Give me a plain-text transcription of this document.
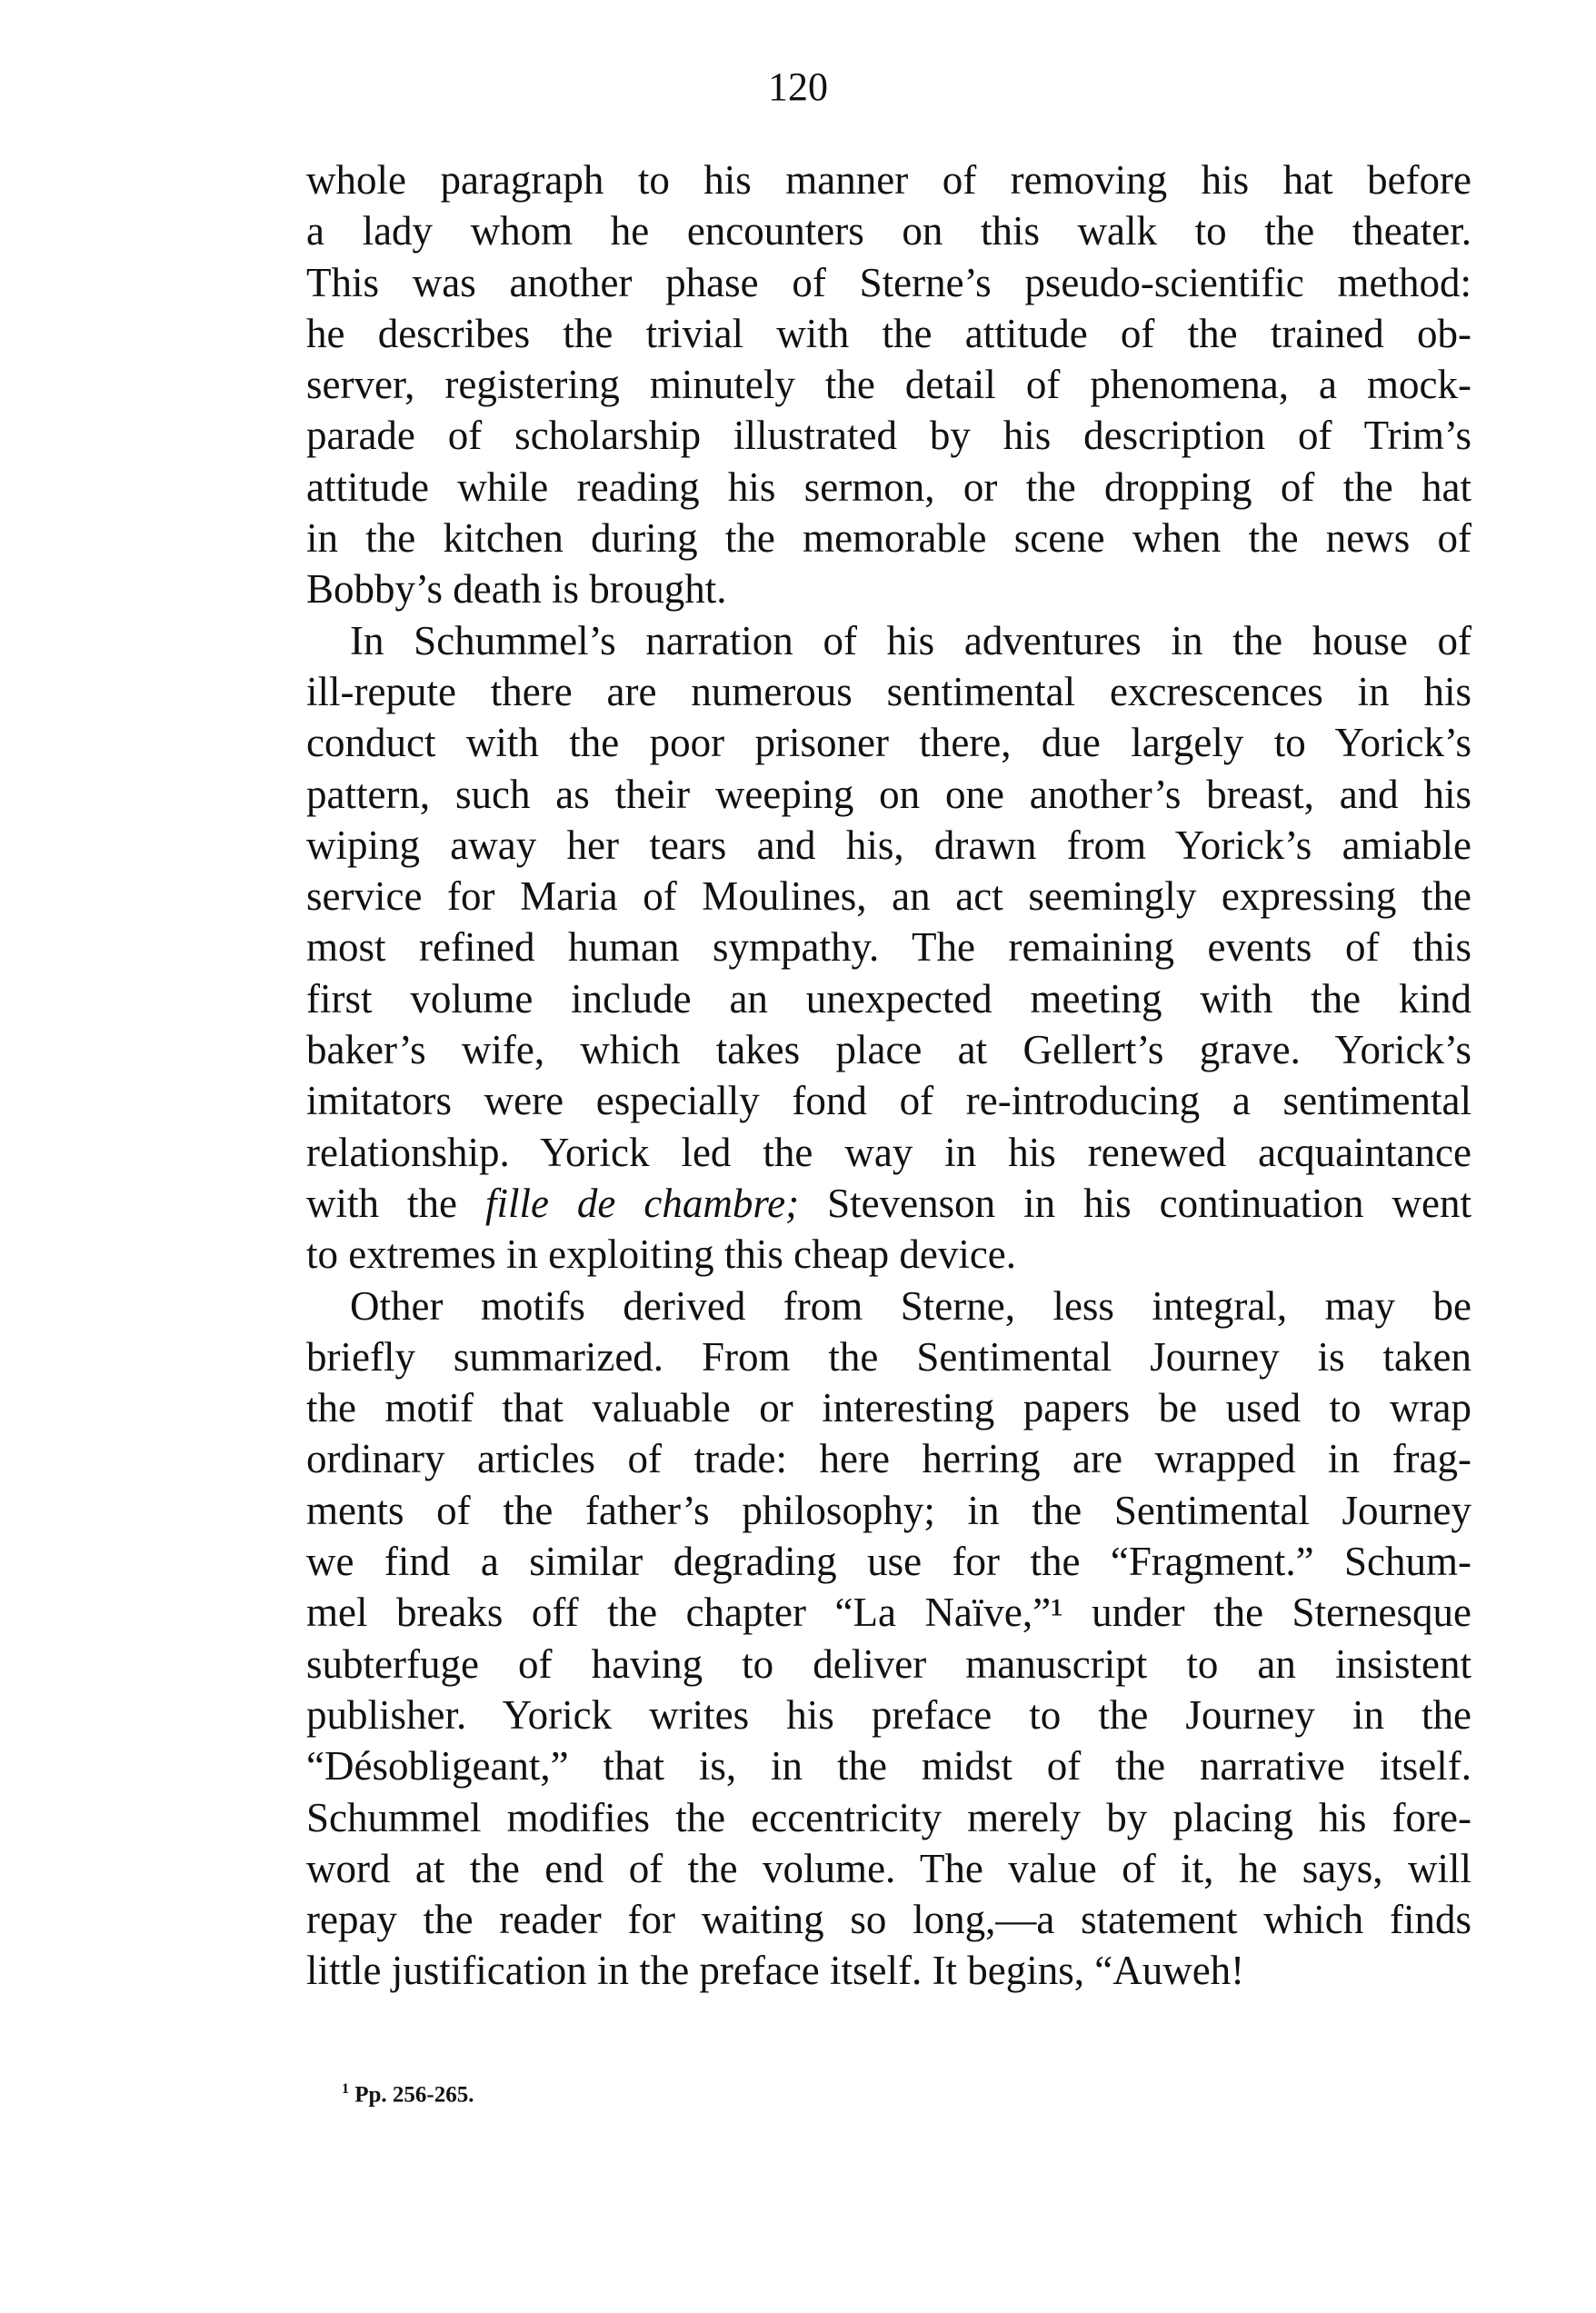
120
whole paragraph to his manner of removing his hat before
a lady whom he encounters on this walk to the theater.
This was another phase of Sterne’s pseudo-scientific method:
he describes the trivial with the attitude of the trained ob-
server, registering minutely the detail of phenomena, a mock-
parade of scholarship illustrated by his description of Trim’s
attitude while reading his sermon, or the dropping of the hat
in the kitchen during the memorable scene when the news of
Bobby’s death is brought.
In Schummel’s narration of his adventures in the house of
ill-repute there are numerous sentimental excrescences in his
conduct with the poor prisoner there, due largely to Yorick’s
pattern, such as their weeping on one another’s breast, and his
wiping away her tears and his, drawn from Yorick’s amiable
service for Maria of Moulines, an act seemingly expressing the
most refined human sympathy. The remaining events of this
first volume include an unexpected meeting with the kind
baker’s wife, which takes place at Gellert’s grave. Yorick’s
imitators were especially fond of re-introducing a sentimental
relationship. Yorick led the way in his renewed acquaintance
with the fille de chambre; Stevenson in his continuation went
to extremes in exploiting this cheap device.
Other motifs derived from Sterne, less integral, may be
briefly summarized. From the Sentimental Journey is taken
the motif that valuable or interesting papers be used to wrap
ordinary articles of trade: here herring are wrapped in frag-
ments of the father’s philosophy; in the Sentimental Journey
we find a similar degrading use for the “Fragment.” Schum-
mel breaks off the chapter “La Naïve,”¹ under the Sternesque
subterfuge of having to deliver manuscript to an insistent
publisher. Yorick writes his preface to the Journey in the
“Désobligeant,” that is, in the midst of the narrative itself.
Schummel modifies the eccentricity merely by placing his fore-
word at the end of the volume. The value of it, he says, will
repay the reader for waiting so long,—a statement which finds
little justification in the preface itself. It begins, “Auweh!
$^1$ Pp. 256-265.
